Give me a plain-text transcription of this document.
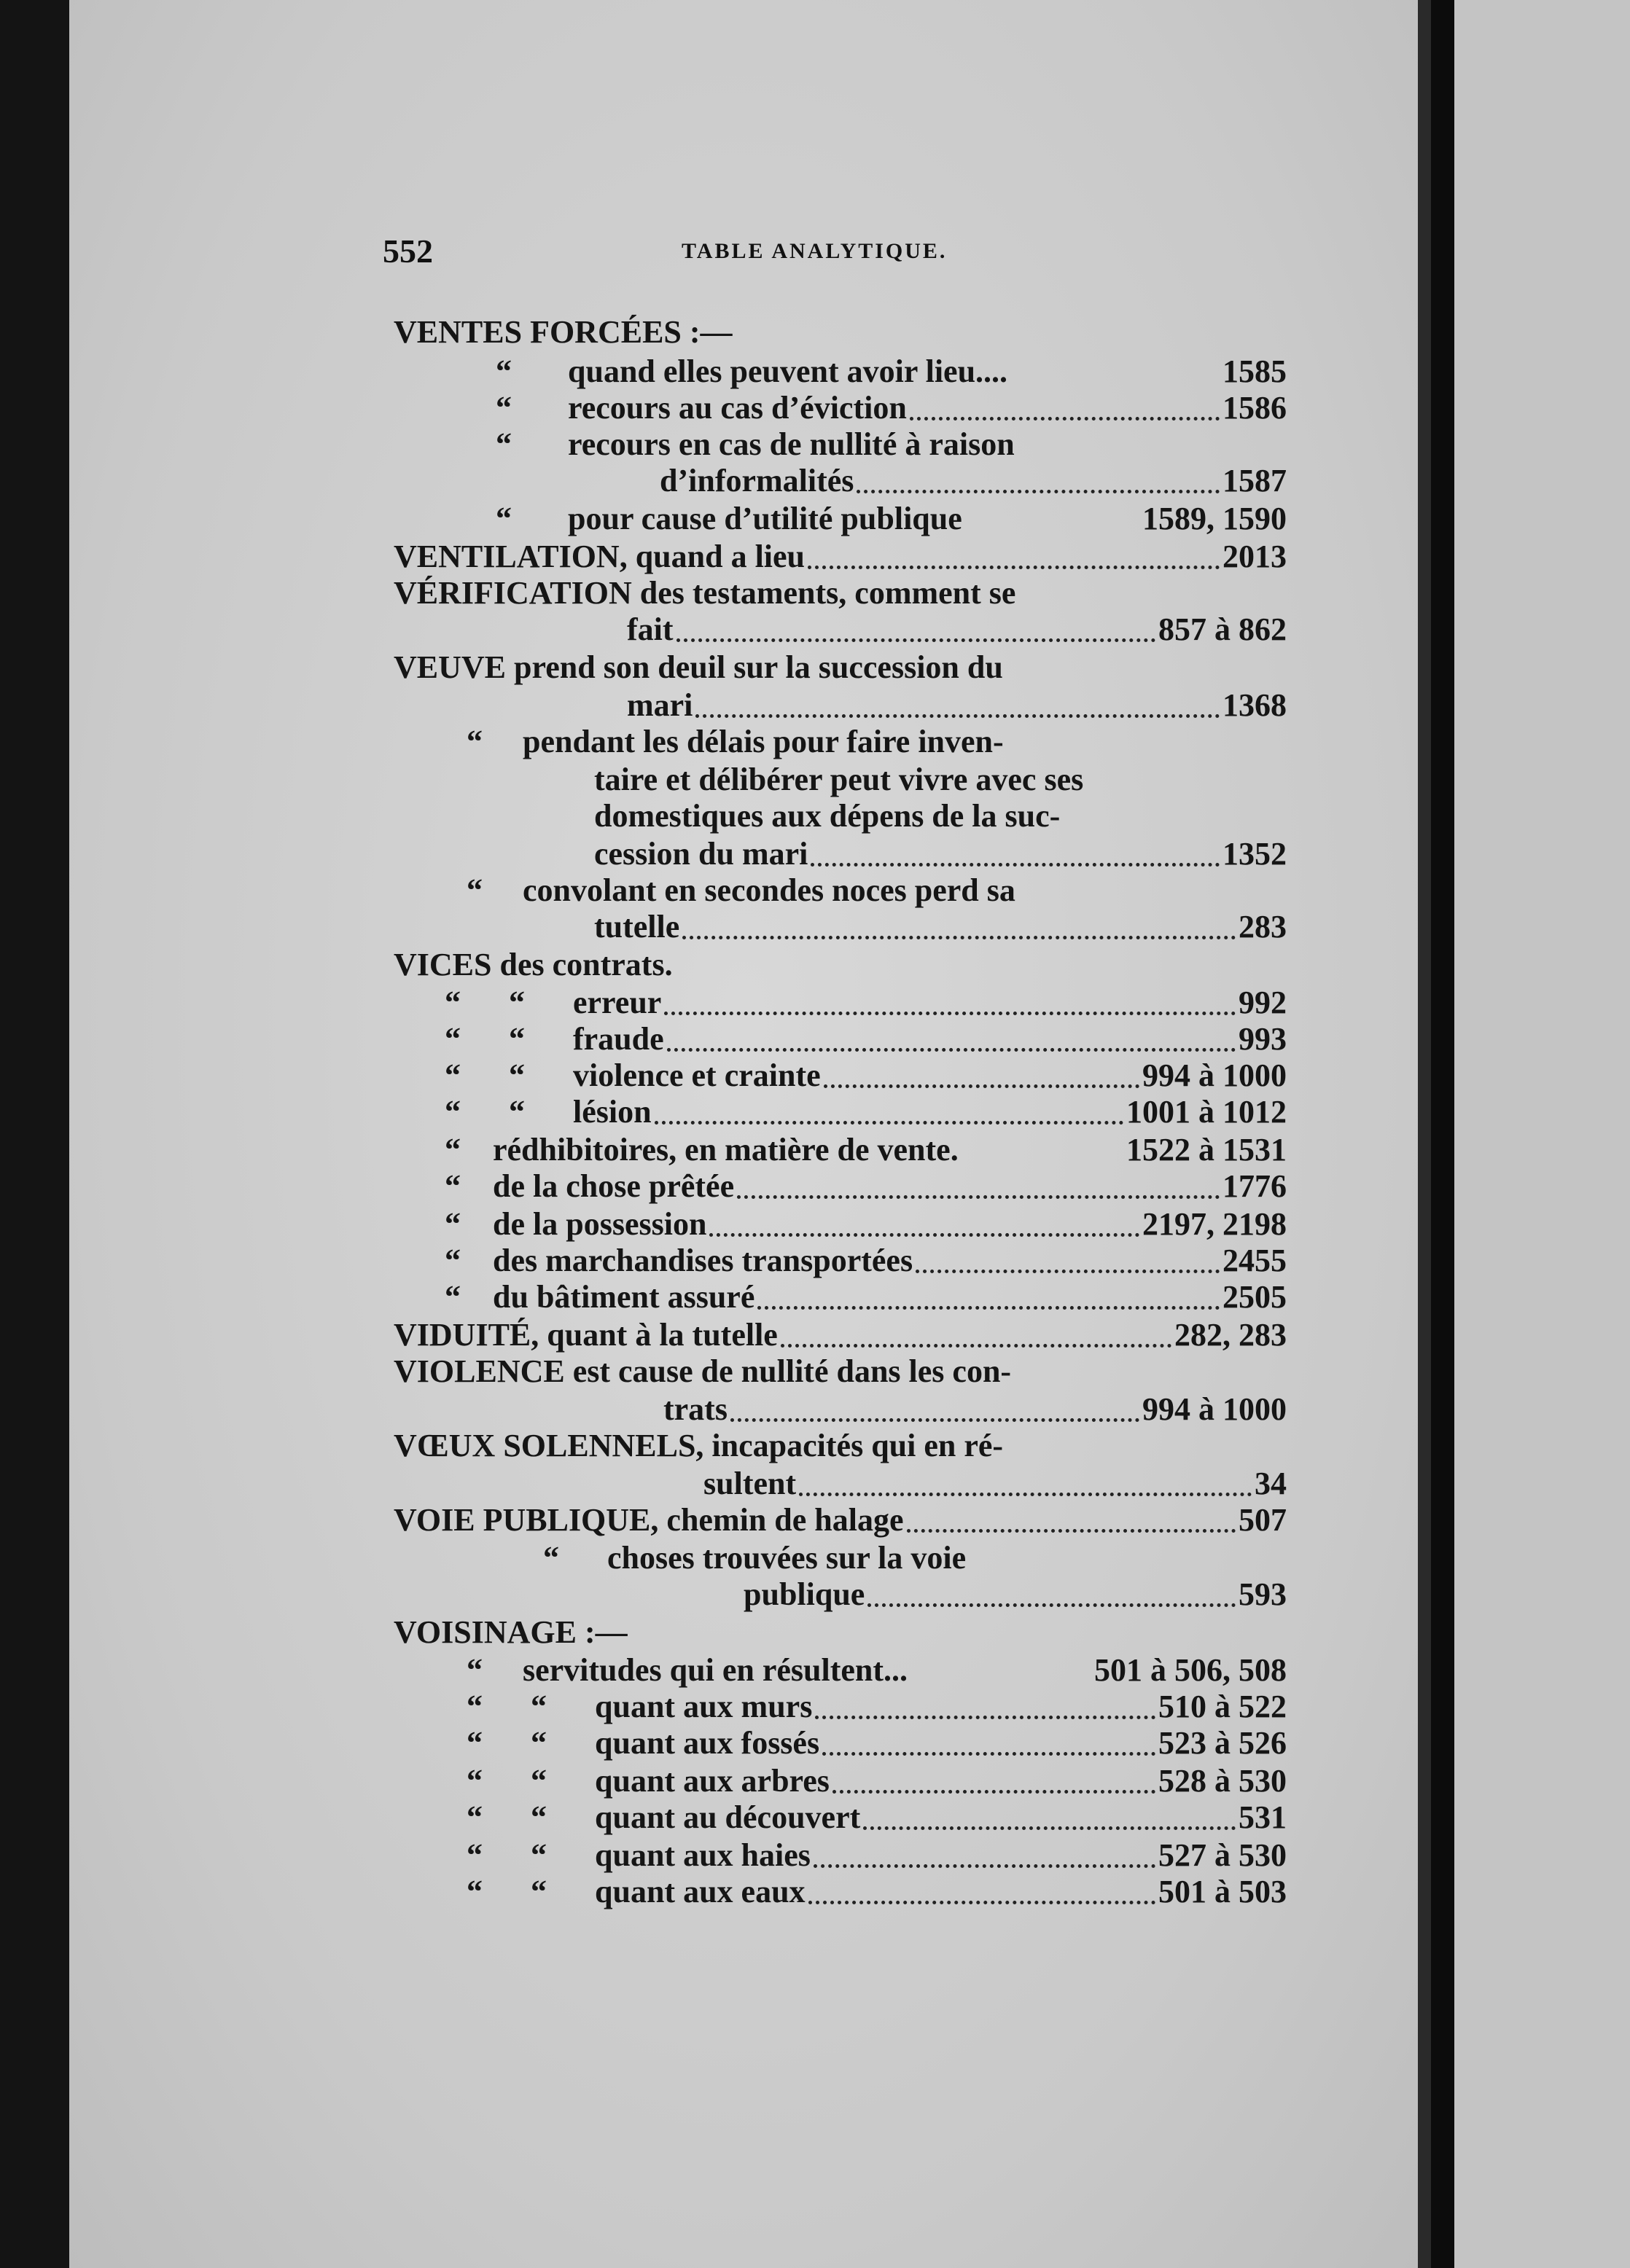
552	TABLE ANALYTIQUE.
VENTES FORCÉES :—
“       quand elles peuvent avoir lieu....	1585
“       recours au cas d’éviction	1586
“       recours en cas de nullité à raison
d’informalités	1587
“       pour cause d’utilité publique	1589, 1590
VENTILATION, quand a lieu	2013
VÉRIFICATION des testaments, comment se
fait	857 à 862
VEUVE prend son deuil sur la succession du
mari	1368
“     pendant les délais pour faire inven-
taire et délibérer peut vivre avec ses
domestiques aux dépens de la suc-
cession du mari	1352
“     convolant en secondes noces perd sa
tutelle	283
VICES des contrats.
“      “      erreur	992
“      “      fraude	993
“      “      violence et crainte	994 à 1000
“      “      lésion	1001 à 1012
“    rédhibitoires, en matière de vente.	1522 à 1531
“    de la chose prêtée	1776
“    de la possession	2197, 2198
“    des marchandises transportées	2455
“    du bâtiment assuré	2505
VIDUITÉ, quant à la tutelle	282, 283
VIOLENCE est cause de nullité dans les con-
trats	994 à 1000
VŒUX SOLENNELS, incapacités qui en ré-
sultent	34
VOIE PUBLIQUE, chemin de halage	507
“      choses trouvées sur la voie
publique	593
VOISINAGE :—
“     servitudes qui en résultent...	501 à 506, 508
“      “      quant aux murs	510 à 522
“      “      quant aux fossés	523 à 526
“      “      quant aux arbres	528 à 530
“      “      quant au découvert	531
“      “      quant aux haies	527 à 530
“      “      quant aux eaux	501 à 503
